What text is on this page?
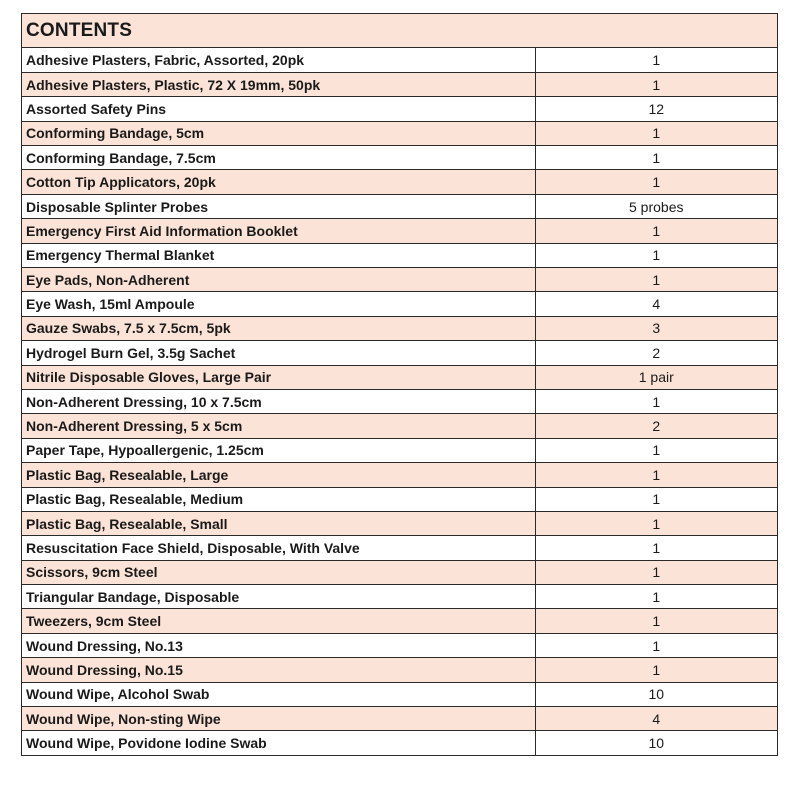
CONTENTS
Adhesive Plasters, Fabric, Assorted, 20pk	1
Adhesive Plasters, Plastic, 72 X 19mm, 50pk	1
Assorted Safety Pins	12
Conforming Bandage, 5cm	1
Conforming Bandage, 7.5cm	1
Cotton Tip Applicators, 20pk	1
Disposable Splinter Probes	5 probes
Emergency First Aid Information Booklet	1
Emergency Thermal Blanket	1
Eye Pads, Non-Adherent	1
Eye Wash, 15ml Ampoule	4
Gauze Swabs, 7.5 x 7.5cm, 5pk	3
Hydrogel Burn Gel, 3.5g Sachet	2
Nitrile Disposable Gloves, Large Pair	1 pair
Non-Adherent Dressing, 10 x 7.5cm	1
Non-Adherent Dressing, 5 x 5cm	2
Paper Tape, Hypoallergenic, 1.25cm	1
Plastic Bag, Resealable, Large	1
Plastic Bag, Resealable, Medium	1
Plastic Bag, Resealable, Small	1
Resuscitation Face Shield, Disposable, With Valve	1
Scissors, 9cm Steel	1
Triangular Bandage, Disposable	1
Tweezers, 9cm Steel	1
Wound Dressing, No.13	1
Wound Dressing, No.15	1
Wound Wipe, Alcohol Swab	10
Wound Wipe, Non-sting Wipe	4
Wound Wipe, Povidone Iodine Swab	10
